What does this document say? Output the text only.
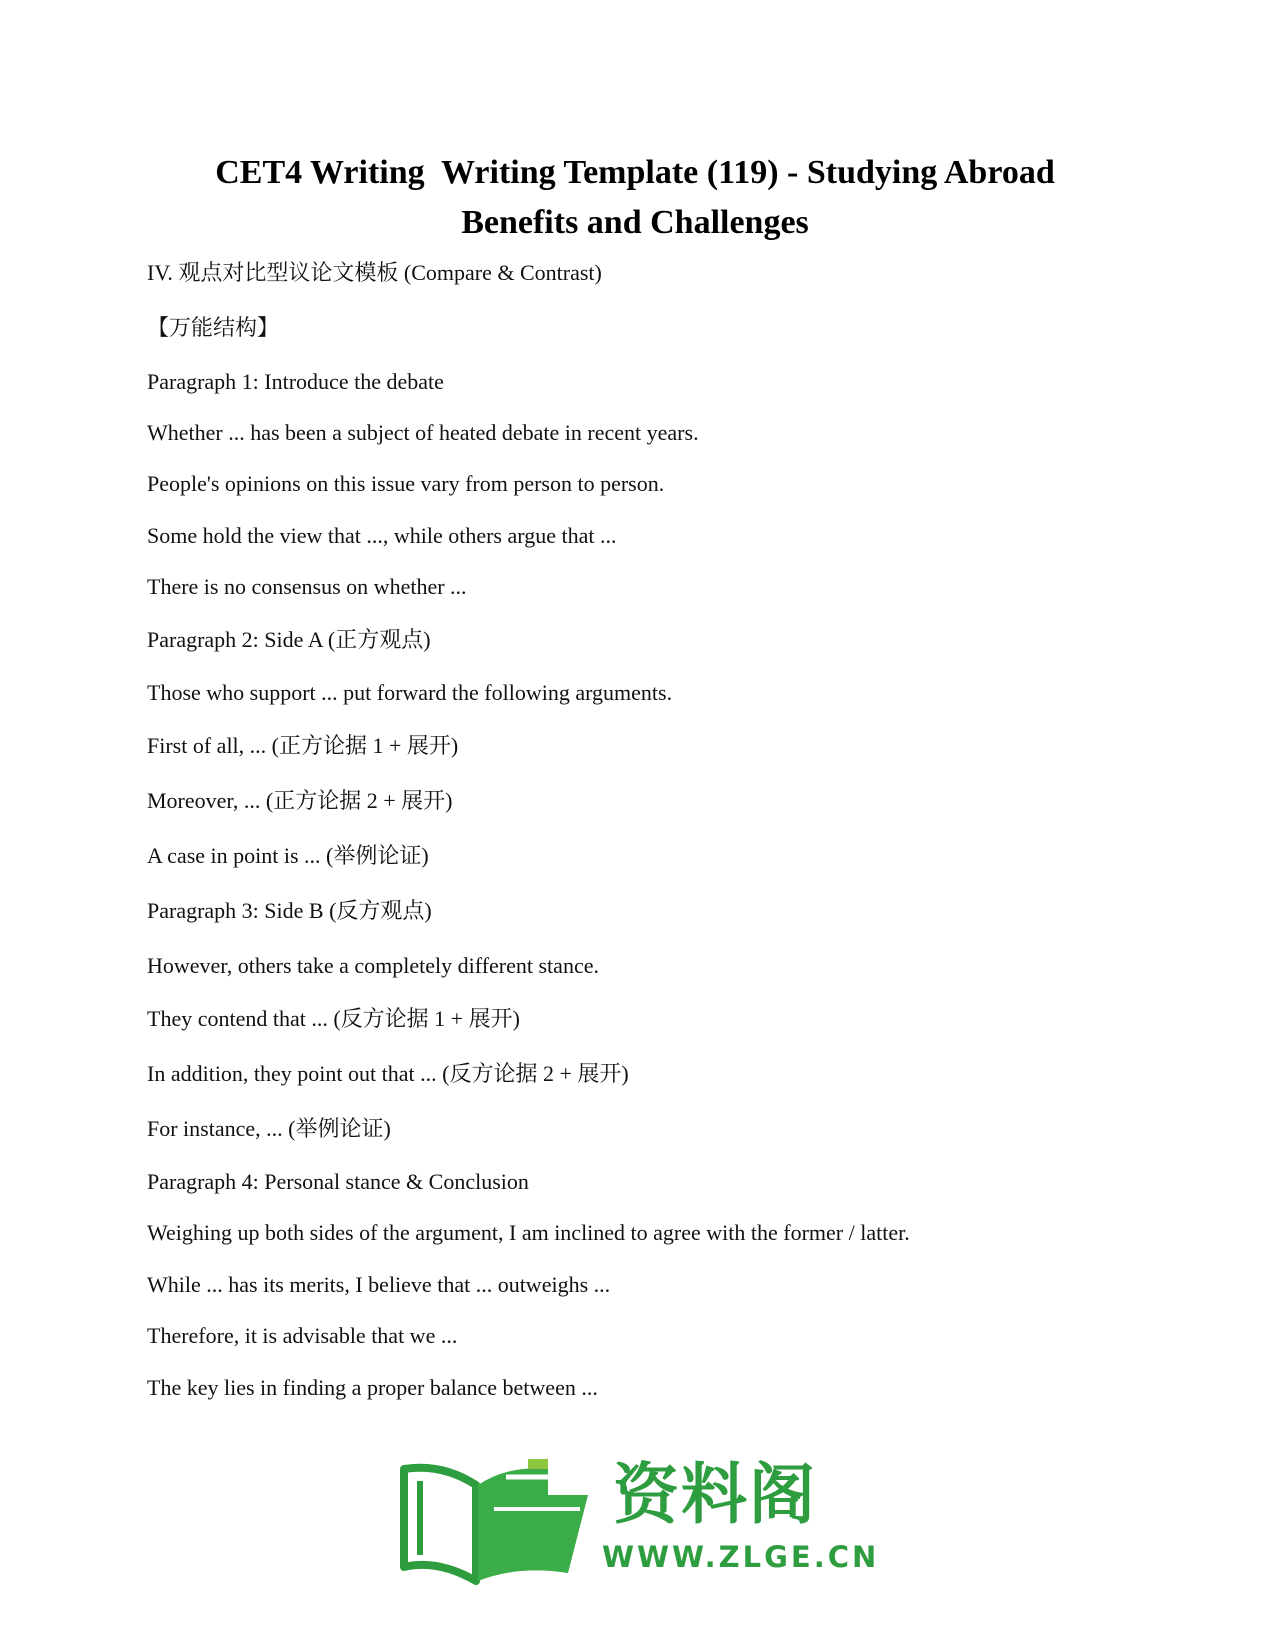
CET4 Writing  Writing Template (119) - Studying Abroad
Benefits and Challenges
IV. 观点对比型议论文模板 (Compare & Contrast)
【万能结构】
Paragraph 1: Introduce the debate
Whether ... has been a subject of heated debate in recent years.
People's opinions on this issue vary from person to person.
Some hold the view that ..., while others argue that ...
There is no consensus on whether ...
Paragraph 2: Side A (正方观点)
Those who support ... put forward the following arguments.
First of all, ... (正方论据 1 + 展开)
Moreover, ... (正方论据 2 + 展开)
A case in point is ... (举例论证)
Paragraph 3: Side B (反方观点)
However, others take a completely different stance.
They contend that ... (反方论据 1 + 展开)
In addition, they point out that ... (反方论据 2 + 展开)
For instance, ... (举例论证)
Paragraph 4: Personal stance & Conclusion
Weighing up both sides of the argument, I am inclined to agree with the former / latter.
While ... has its merits, I believe that ... outweighs ...
Therefore, it is advisable that we ...
The key lies in finding a proper balance between ...
资料阁
WWW.ZLGE.CN
